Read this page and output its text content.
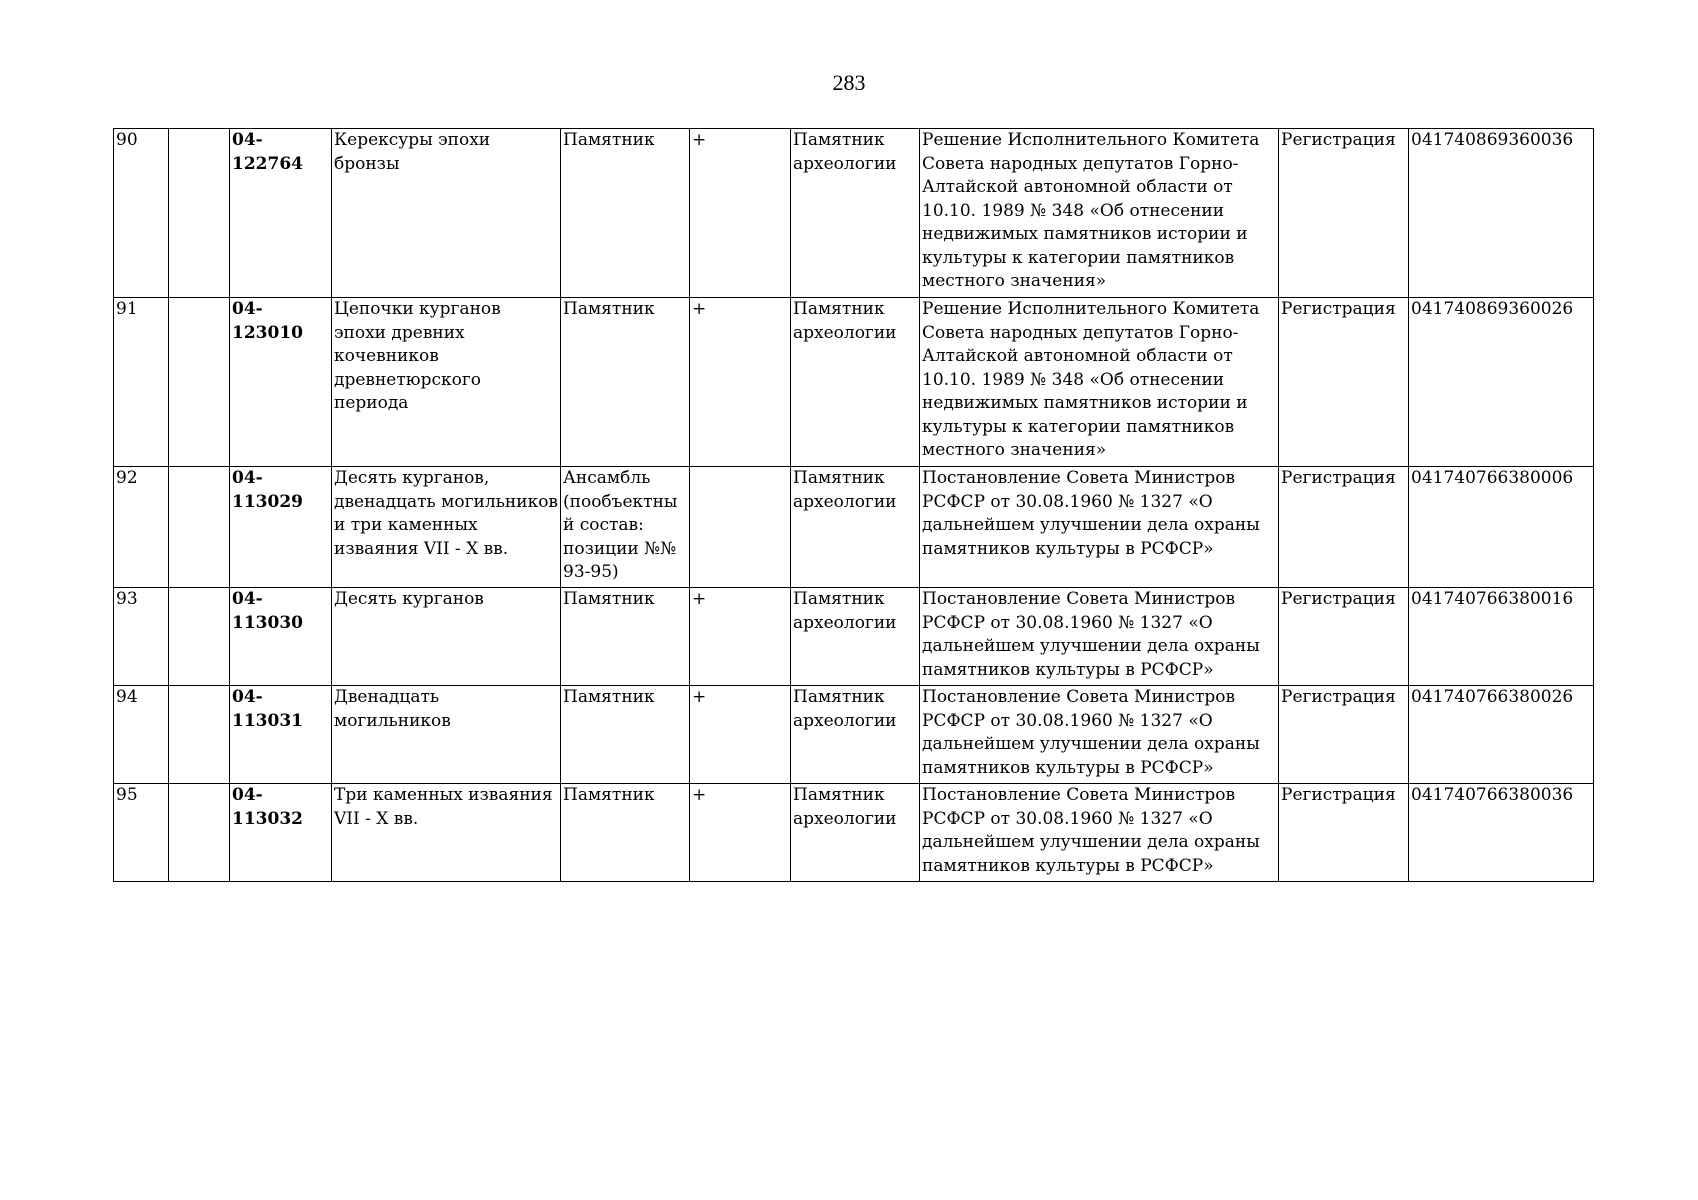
283
90		04-122764	Керексуры эпохи бронзы	Памятник	+	Памятник археологии	Решение Исполнительного Комитета Совета народных депутатов Горно-Алтайской автономной области от 10.10. 1989 № 348 «Об отнесении недвижимых памятников истории и культуры к категории памятников местного значения»	Регистрация	041740869360036
91		04-123010	Цепочки курганов эпохи древних кочевников древнетюрского периода	Памятник	+	Памятник археологии	Решение Исполнительного Комитета Совета народных депутатов Горно-Алтайской автономной области от 10.10. 1989 № 348 «Об отнесении недвижимых памятников истории и культуры к категории памятников местного значения»	Регистрация	041740869360026
92		04-113029	Десять курганов, двенадцать могильников и три каменных изваяния VII - X вв.	Ансамбль (пообъектный состав: позиции №№ 93-95)		Памятник археологии	Постановление Совета Министров РСФСР от 30.08.1960 № 1327 «О дальнейшем улучшении дела охраны памятников культуры в РСФСР»	Регистрация	041740766380006
93		04-113030	Десять курганов	Памятник	+	Памятник археологии	Постановление Совета Министров РСФСР от 30.08.1960 № 1327 «О дальнейшем улучшении дела охраны памятников культуры в РСФСР»	Регистрация	041740766380016
94		04-113031	Двенадцать могильников	Памятник	+	Памятник археологии	Постановление Совета Министров РСФСР от 30.08.1960 № 1327 «О дальнейшем улучшении дела охраны памятников культуры в РСФСР»	Регистрация	041740766380026
95		04-113032	Три каменных изваяния VII - X вв.	Памятник	+	Памятник археологии	Постановление Совета Министров РСФСР от 30.08.1960 № 1327 «О дальнейшем улучшении дела охраны памятников культуры в РСФСР»	Регистрация	041740766380036
